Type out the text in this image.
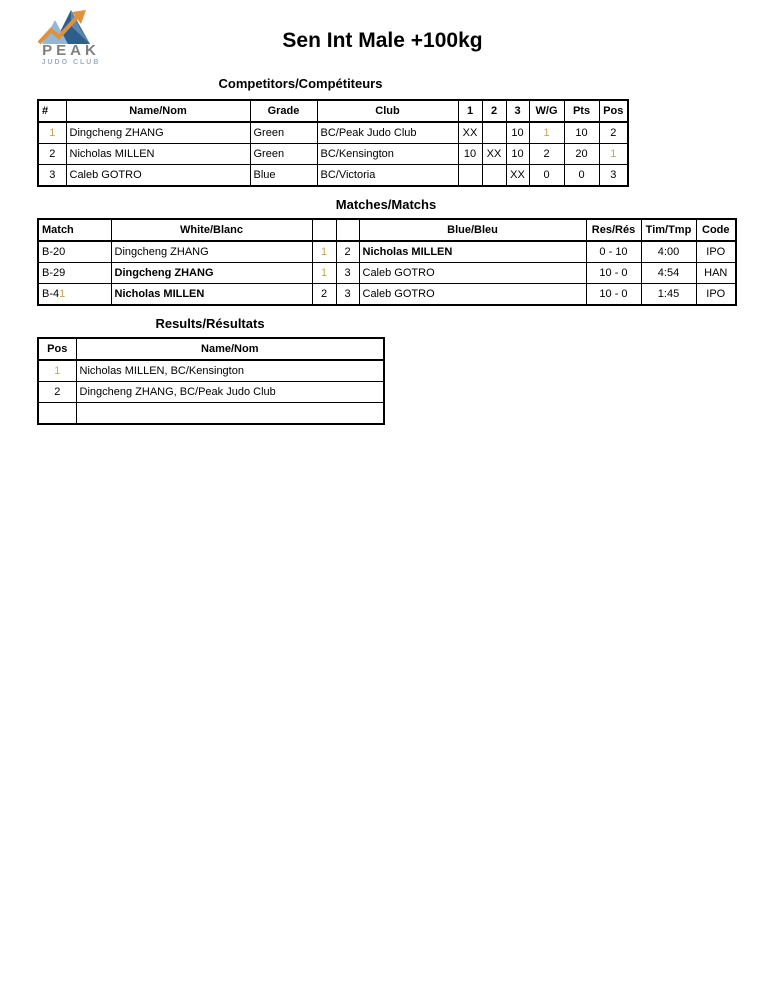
PEAK
JUDO CLUB
Sen Int Male +100kg
Competitors/Compétiteurs
#	Name/Nom	Grade	Club	1	2	3	W/G	Pts	Pos
1	Dingcheng ZHANG	Green	BC/Peak Judo Club	XX		10	1	10	2
2	Nicholas MILLEN	Green	BC/Kensington	10	XX	10	2	20	1
3	Caleb GOTRO	Blue	BC/Victoria			XX	0	0	3
Matches/Matchs
Match	White/Blanc			Blue/Bleu	Res/Rés	Tim/Tmp	Code
B-20	Dingcheng ZHANG	1	2	Nicholas MILLEN	0 - 10	4:00	IPO
B-29	Dingcheng ZHANG	1	3	Caleb GOTRO	10 - 0	4:54	HAN
B-41	Nicholas MILLEN	2	3	Caleb GOTRO	10 - 0	1:45	IPO
Results/Résultats
Pos	Name/Nom
1	Nicholas MILLEN, BC/Kensington
2	Dingcheng ZHANG, BC/Peak Judo Club
